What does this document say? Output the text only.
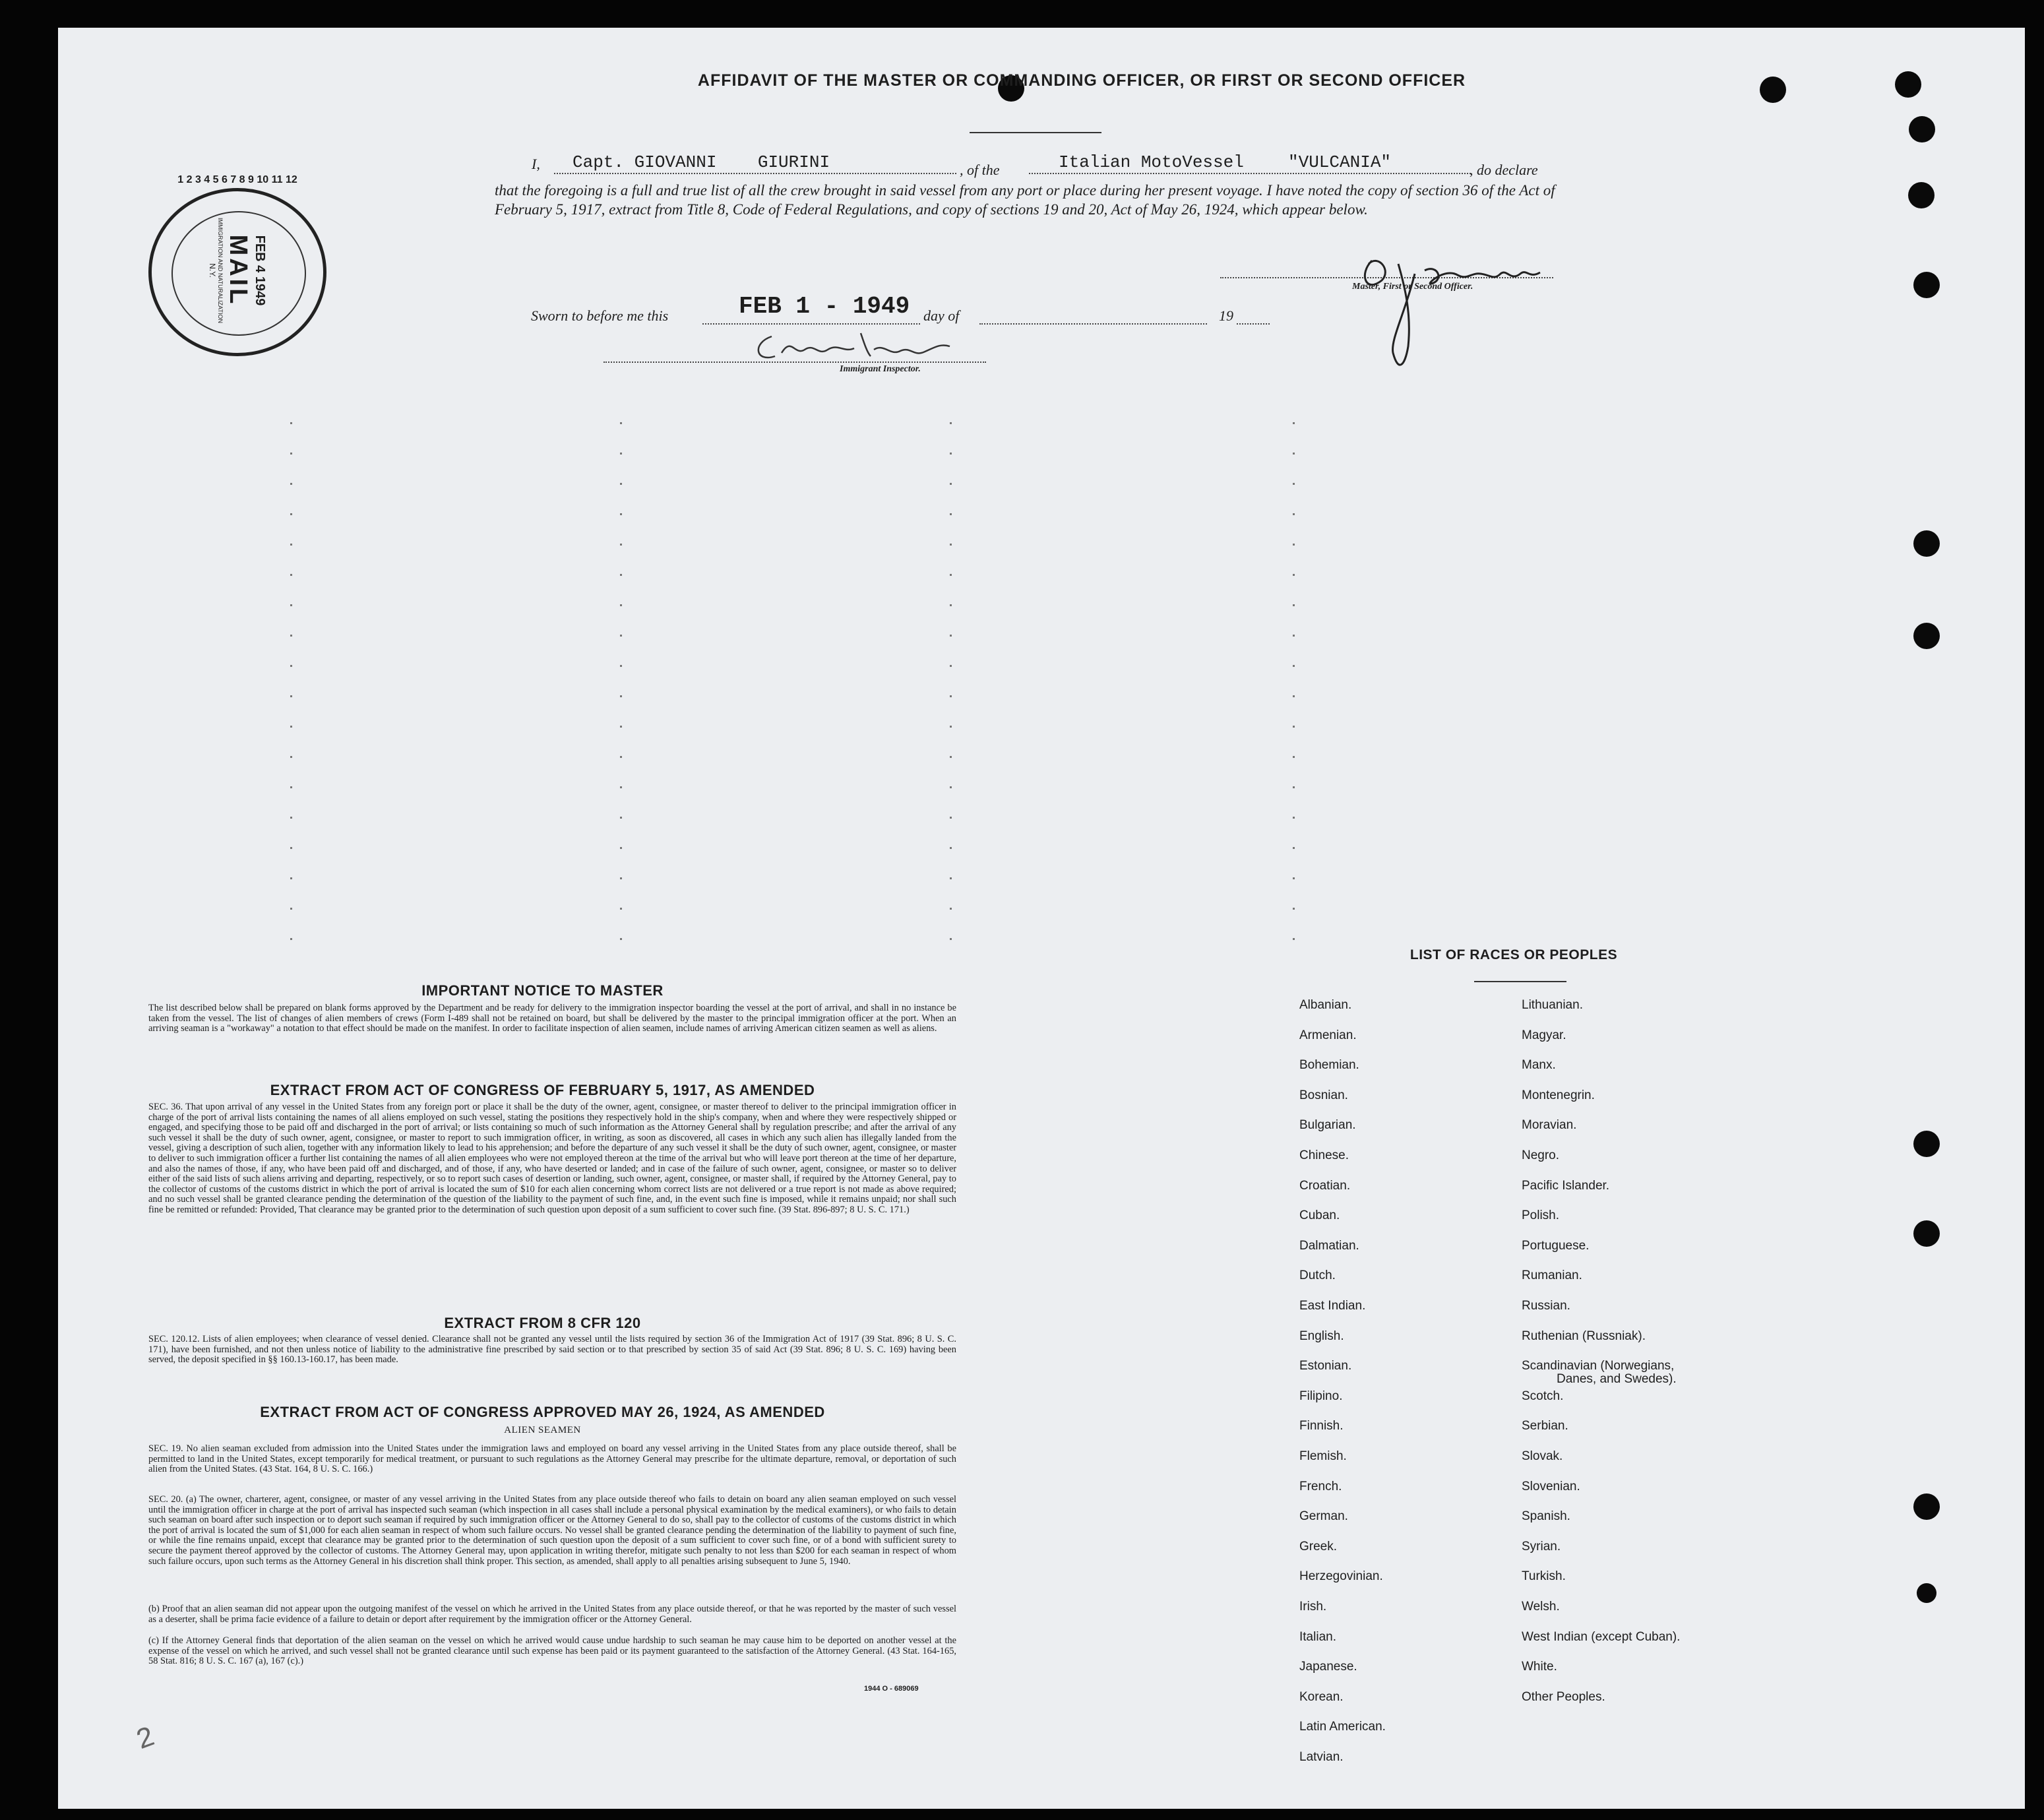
AFFIDAVIT OF THE MASTER OR COMMANDING OFFICER, OR FIRST OR SECOND OFFICER
I, Capt. GIOVANNI    GIURINI	, of the	Italian MotoVessel	"VULCANIA"	, do declare
that the foregoing is a full and true list of all the crew brought in said vessel from any port or place during her present voyage. I have noted the copy of section 36 of the Act of February 5, 1917, extract from Title 8, Code of Federal Regulations, and copy of sections 19 and 20, Act of May 26, 1924, which appear below.
Master, First or Second Officer.
Sworn to before me this	FEB 1 - 1949 day of	19
Immigrant Inspector.
FEB 4 1949
MAIL
IMMIGRATION AND NATURALIZATION
N.Y.
1 2 3 4 5 6 7 8 9 10 11 12
IMPORTANT NOTICE TO MASTER
The list described below shall be prepared on blank forms approved by the Department and be ready for delivery to the immigration inspector boarding the vessel at the port of arrival, and shall in no instance be taken from the vessel. The list of changes of alien members of crews (Form I-489 shall not be retained on board, but shall be delivered by the master to the principal immigration officer at the port. When an arriving seaman is a "workaway" a notation to that effect should be made on the manifest. In order to facilitate inspection of alien seamen, include names of arriving American citizen seamen as well as aliens.
EXTRACT FROM ACT OF CONGRESS OF FEBRUARY 5, 1917, AS AMENDED
SEC. 36. That upon arrival of any vessel in the United States from any foreign port or place it shall be the duty of the owner, agent, consignee, or master thereof to deliver to the principal immigration officer in charge of the port of arrival lists containing the names of all aliens employed on such vessel, stating the positions they respectively hold in the ship's company, when and where they were respectively shipped or engaged, and specifying those to be paid off and discharged in the port of arrival; or lists containing so much of such information as the Attorney General shall by regulation prescribe; and after the arrival of any such vessel it shall be the duty of such owner, agent, consignee, or master to report to such immigration officer, in writing, as soon as discovered, all cases in which any such alien has illegally landed from the vessel, giving a description of such alien, together with any information likely to lead to his apprehension; and before the departure of any such vessel it shall be the duty of such owner, agent, consignee, or master to deliver to such immigration officer a further list containing the names of all alien employees who were not employed thereon at the time of the arrival but who will leave port thereon at the time of her departure, and also the names of those, if any, who have been paid off and discharged, and of those, if any, who have deserted or landed; and in case of the failure of such owner, agent, consignee, or master so to deliver either of the said lists of such aliens arriving and departing, respectively, or so to report such cases of desertion or landing, such owner, agent, consignee, or master shall, if required by the Attorney General, pay to the collector of customs of the customs district in which the port of arrival is located the sum of $10 for each alien concerning whom correct lists are not delivered or a true report is not made as above required; and no such vessel shall be granted clearance pending the determination of the question of the liability to the payment of such fine, and, in the event such fine is imposed, while it remains unpaid; nor shall such fine be remitted or refunded: Provided, That clearance may be granted prior to the determination of such question upon deposit of a sum sufficient to cover such fine. (39 Stat. 896-897; 8 U. S. C. 171.)
EXTRACT FROM 8 CFR 120
SEC. 120.12. Lists of alien employees; when clearance of vessel denied. Clearance shall not be granted any vessel until the lists required by section 36 of the Immigration Act of 1917 (39 Stat. 896; 8 U. S. C. 171), have been furnished, and not then unless notice of liability to the administrative fine prescribed by said section or to that prescribed by section 35 of said Act (39 Stat. 896; 8 U. S. C. 169) having been served, the deposit specified in §§ 160.13-160.17, has been made.
EXTRACT FROM ACT OF CONGRESS APPROVED MAY 26, 1924, AS AMENDED
ALIEN SEAMEN
SEC. 19. No alien seaman excluded from admission into the United States under the immigration laws and employed on board any vessel arriving in the United States from any place outside thereof, shall be permitted to land in the United States, except temporarily for medical treatment, or pursuant to such regulations as the Attorney General may prescribe for the ultimate departure, removal, or deportation of such alien from the United States. (43 Stat. 164, 8 U. S. C. 166.)
SEC. 20. (a) The owner, charterer, agent, consignee, or master of any vessel arriving in the United States from any place outside thereof who fails to detain on board any alien seaman employed on such vessel until the immigration officer in charge at the port of arrival has inspected such seaman (which inspection in all cases shall include a personal physical examination by the medical examiners), or who fails to detain such seaman on board after such inspection or to deport such seaman if required by such immigration officer or the Attorney General to do so, shall pay to the collector of customs of the customs district in which the port of arrival is located the sum of $1,000 for each alien seaman in respect of whom such failure occurs. No vessel shall be granted clearance pending the determination of the liability to payment of such fine, or while the fine remains unpaid, except that clearance may be granted prior to the determination of such question upon the deposit of a sum sufficient to cover such fine, or of a bond with sufficient surety to secure the payment thereof approved by the collector of customs. The Attorney General may, upon application in writing therefor, mitigate such penalty to not less than $200 for each seaman in respect of whom such failure occurs, upon such terms as the Attorney General in his discretion shall think proper. This section, as amended, shall apply to all penalties arising subsequent to June 5, 1940.
(b) Proof that an alien seaman did not appear upon the outgoing manifest of the vessel on which he arrived in the United States from any place outside thereof, or that he was reported by the master of such vessel as a deserter, shall be prima facie evidence of a failure to detain or deport after requirement by the immigration officer or the Attorney General.
(c) If the Attorney General finds that deportation of the alien seaman on the vessel on which he arrived would cause undue hardship to such seaman he may cause him to be deported on another vessel at the expense of the vessel on which he arrived, and such vessel shall not be granted clearance until such expense has been paid or its payment guaranteed to the satisfaction of the Attorney General. (43 Stat. 164-165, 58 Stat. 816; 8 U. S. C. 167 (a), 167 (c).)
1944 O - 689069
LIST OF RACES OR PEOPLES
Albanian.
Armenian.
Bohemian.
Bosnian.
Bulgarian.
Chinese.
Croatian.
Cuban.
Dalmatian.
Dutch.
East Indian.
English.
Estonian.
Filipino.
Finnish.
Flemish.
French.
German.
Greek.
Herzegovinian.
Irish.
Italian.
Japanese.
Korean.
Latin American.
Latvian.
Lithuanian.
Magyar.
Manx.
Montenegrin.
Moravian.
Negro.
Pacific Islander.
Polish.
Portuguese.
Rumanian.
Russian.
Ruthenian (Russniak).
Scandinavian (Norwegians,
Danes, and Swedes).
Scotch.
Serbian.
Slovak.
Slovenian.
Spanish.
Syrian.
Turkish.
Welsh.
West Indian (except Cuban).
White.
Other Peoples.
2
